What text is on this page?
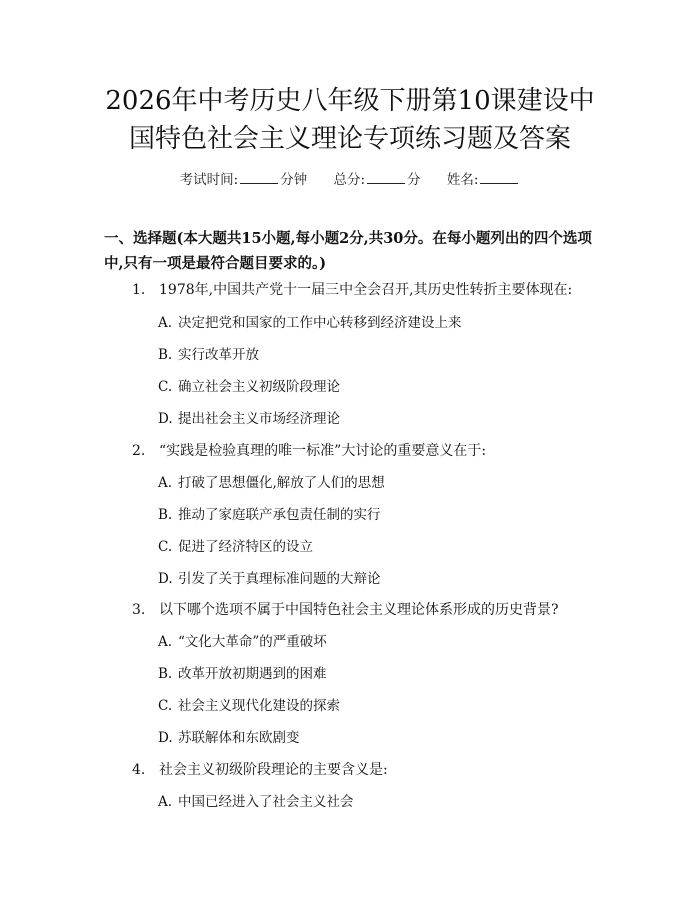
2026年中考历史八年级下册第10课建设中
国特色社会主义理论专项练习题及答案
考试时间:	分钟 总分:	分 姓名:
一、选择题(本大题共15小题,每小题2分,共30分。在每小题列出的四个选项中,只有一项是最符合题目要求的。)
1. 1978年,中国共产党十一届三中全会召开,其历史性转折主要体现在:
A. 决定把党和国家的工作中心转移到经济建设上来
B. 实行改革开放
C. 确立社会主义初级阶段理论
D. 提出社会主义市场经济理论
2. “实践是检验真理的唯一标准”大讨论的重要意义在于:
A. 打破了思想僵化,解放了人们的思想
B. 推动了家庭联产承包责任制的实行
C. 促进了经济特区的设立
D. 引发了关于真理标准问题的大辩论
3. 以下哪个选项不属于中国特色社会主义理论体系形成的历史背景?
A. “文化大革命”的严重破坏
B. 改革开放初期遇到的困难
C. 社会主义现代化建设的探索
D. 苏联解体和东欧剧变
4. 社会主义初级阶段理论的主要含义是:
A. 中国已经进入了社会主义社会
